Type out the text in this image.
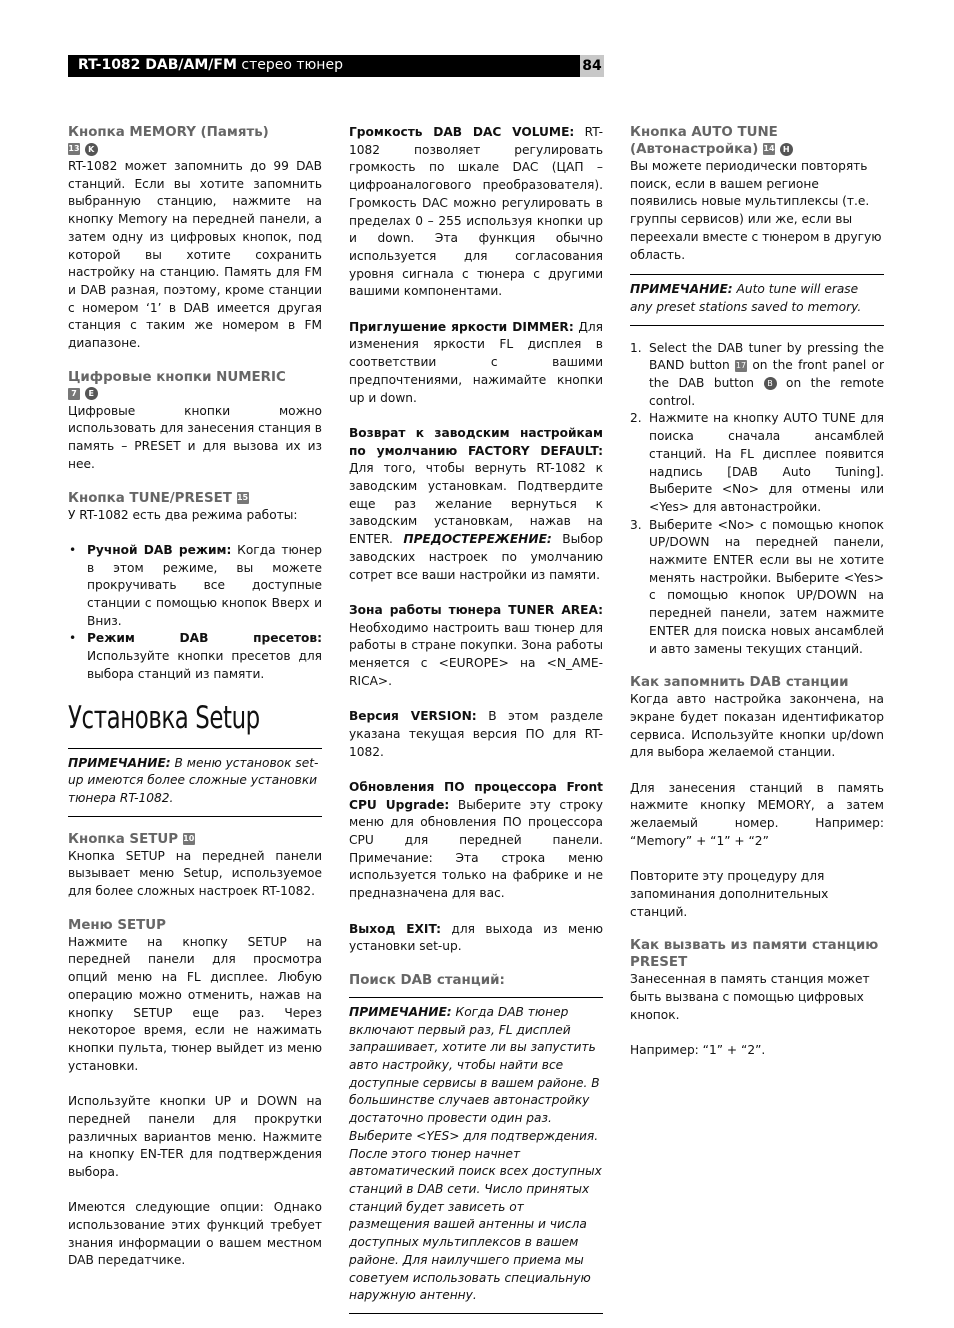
RT-1082 DAB/AM/FM стерео тюнер	84

Кнопка MEMORY (Память)
13 K

RT-1082 может запомнить до 99 DAB станций. Если вы хотите запомнить выбранную станцию, нажмите на кнопку Memory на передней панели, а затем одну из цифровых кнопок, под которой вы хотите сохранить настройку на станцию. Память для FM и DAB разная, поэтому, кроме станции с номером ‘1’ в DAB имеется другая станция с таким же номером в FM диапазоне.

Цифровые кнопки NUMERIC
7 E

Цифровые кнопки можно использовать для занесения станция в память – PRESET и для вызова их из нее.

Кнопка TUNE/PRESET 15

У RT-1082 есть два режима работы:

• Ручной DAB режим: Когда тюнер в этом режиме, вы можете прокручивать все доступные станции с помощью кнопок Вверх и Вниз.
• Режим DAB пресетов: Используйте кнопки пресетов для выбора станций из памяти.
Установка Setup
ПРИМЕЧАНИЕ: В меню установок set-up имеются более сложные установки тюнера RT-1082.

Кнопка SETUP 10

Кнопка SETUP на передней панели вызывает меню Setup, используемое для более сложных настроек RT-1082.

Меню SETUP

Нажмите на кнопку SETUP на передней панели для просмотра опций меню на FL дисплее. Любую операцию можно отменить, нажав на кнопку SETUP еще раз. Через некоторое время, если не нажимать кнопки пульта, тюнер выйдет из меню установки.

Используйте кнопки UP и DOWN на передней панели для прокрутки различных вариантов меню. Нажмите на кнопку EN-TER для подтверждения выбора.

Имеются следующие опции: Однако использование этих функций требует знания информации о вашем местном DAB передатчике.

Громкость DAB DAC VOLUME: RT-1082 позволяет регулировать громкость по шкале DAC (ЦАП – цифроаналогового преобразователя). Громкость DAC можно регулировать в пределах 0 – 255 используя кнопки up и down. Эта функция обычно используется для согласования уровня сигнала с тюнера с другими вашими компонентами.

Приглушение яркости DIMMER: Для изменения яркости FL дисплея в соответствии с вашими предпочтениями, нажимайте кнопки up и down.

Возврат к заводским настройкам по умолчанию FACTORY DEFAULT: Для того, чтобы вернуть RT-1082 к заводским установкам. Подтвердите еще раз желание вернуться к заводским установкам, нажав на ENTER. ПРЕДОСТЕРЕЖЕНИЕ: Выбор заводских настроек по умолчанию сотрет все ваши настройки из памяти.

Зона работы тюнера TUNER AREA: Необходимо настроить ваш тюнер для работы в стране покупки. Зона работы меняется с <EUROPE> на <N_AME-RICA>.

Версия VERSION: В этом разделе указана текущая версия ПО для RT-1082.

Обновления ПО процессора Front CPU Upgrade: Выберите эту строку меню для обновления ПО процессора CPU для передней панели. Примечание: Эта строка меню используется только на фабрике и не предназначена для вас.

Выход EXIT: для выхода из меню установки set-up.

Поиск DAB станций:

ПРИМЕЧАНИЕ: Когда DAB тюнер включают первый раз, FL дисплей запрашивает, хотите ли вы запустить авто настройку, чтобы найти все доступные сервисы в вашем районе. В большинстве случаев автонастройку достаточно провести один раз. Выберите <YES> для подтверждения. После этого тюнер начнет автоматический поиск всех доступных станций в DAB сети. Число принятых станций будет зависеть от размещения вашей антенны и числа доступных мультиплексов в вашем районе. Для наилучшего приема мы советуем использовать специальную наружную антенну.

Кнопка AUTO TUNE (Автонастройка) 14 H

Вы можете периодически повторять поиск, если в вашем регионе появились новые мультиплексы (т.е. группы сервисов) или же, если вы переехали вместе с тюнером в другую область.

ПРИМЕЧАНИЕ: Auto tune will erase any preset stations saved to memory.
1. Select the DAB tuner by pressing the BAND button 17 on the front panel or the DAB button B on the remote control.
2. Нажмите на кнопку AUTO TUNE для поиска сначала ансамблей станций. На FL дисплее появится надпись [DAB Auto Tuning]. Выберите <No> для отмены или <Yes> для автонастройки.
3. Выберите <No> с помощью кнопок UP/DOWN на передней панели, нажмите ENTER если вы не хотите менять настройки. Выберите <Yes> с помощью кнопок UP/DOWN на передней панели, затем нажмите ENTER для поиска новых ансамблей и авто замены текущих станций.

Как запомнить DAB станции

Когда авто настройка закончена, на экране будет показан идентификатор сервиса. Используйте кнопки up/down для выбора желаемой станции.

Для занесения станций в память нажмите кнопку MEMORY, а затем желаемый номер. Например: “Memory” + “1” + “2”

Повторите эту процедуру для запоминания дополнительных станций.

Как вызвать из памяти станцию PRESET

Занесенная в память станция может быть вызвана с помощью цифровых кнопок.

Например: “1” + “2”.
